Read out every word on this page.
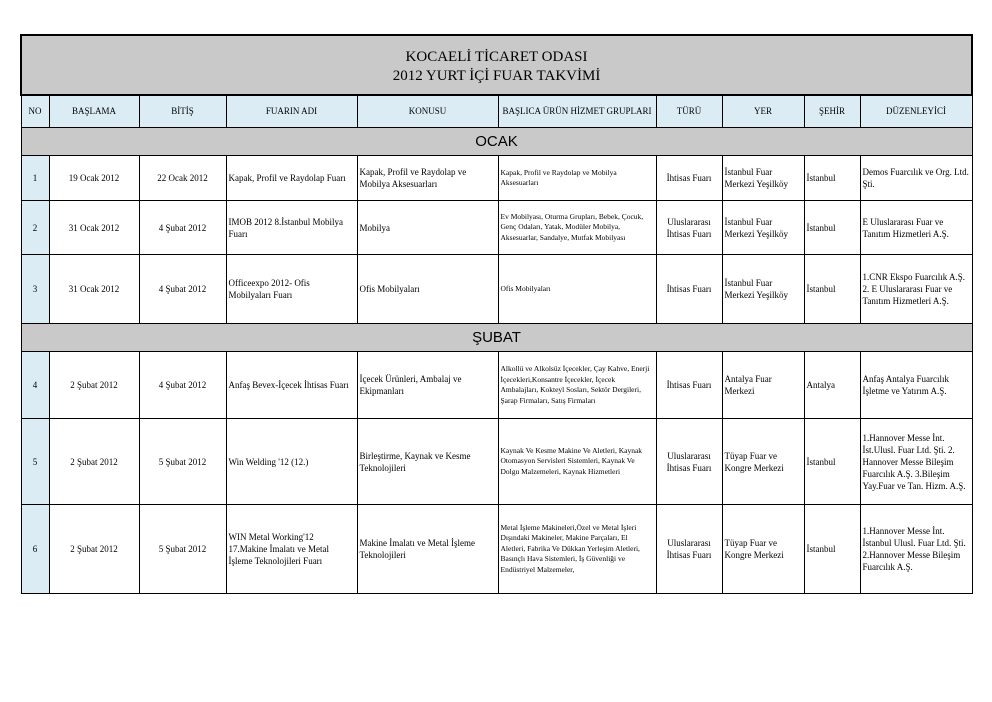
KOCAELİ TİCARET ODASI
2012 YURT İÇİ FUAR TAKVİMİ									

NO	BAŞLAMA	BİTİŞ	FUARIN ADI	KONUSU	BAŞLICA ÜRÜN HİZMET GRUPLARI	TÜRÜ	YER	ŞEHİR	DÜZENLEYİCİ
OCAK									
1	19 Ocak 2012	22 Ocak 2012	Kapak, Profil ve Raydolap Fuarı	Kapak, Profil ve Raydolap ve Mobilya Aksesuarları	Kapak, Profil ve Raydolap ve Mobilya Aksesuarları	İhtisas Fuarı	İstanbul Fuar Merkezi Yeşilköy	İstanbul	Demos Fuarcılık ve Org. Ltd. Şti.
2	31 Ocak 2012	4 Şubat 2012	IMOB 2012 8.İstanbul Mobilya Fuarı	Mobilya	Ev Mobilyası, Oturma Grupları, Bebek, Çocuk, Genç Odaları, Yatak, Modüler Mobilya, Aksesuarlar, Sandalye, Mutfak Mobilyası	Uluslararası İhtisas Fuarı	İstanbul Fuar Merkezi Yeşilköy	İstanbul	E Uluslararası Fuar ve Tanıtım Hizmetleri A.Ş.
3	31 Ocak 2012	4 Şubat 2012	Officeexpo 2012- Ofis Mobilyaları Fuarı	Ofis Mobilyaları	Ofis Mobilyaları	İhtisas Fuarı	İstanbul Fuar Merkezi Yeşilköy	İstanbul	1.CNR Ekspo Fuarcılık A.Ş. 2. E Uluslararası Fuar ve Tanıtım Hizmetleri A.Ş.
ŞUBAT									
4	2 Şubat 2012	4 Şubat 2012	Anfaş Bevex-İçecek İhtisas Fuarı	İçecek Ürünleri, Ambalaj ve Ekipmanları	Alkollü ve Alkolsüz İçecekler, Çay Kahve, Enerji İçecekleri,Konsantre İçecekler, İçecek Ambalajları, Kokteyl Sosları, Sektör Dergileri, Şarap Firmaları, Satış Firmaları	İhtisas Fuarı	Antalya Fuar Merkezi	Antalya	Anfaş Antalya Fuarcılık İşletme ve Yatırım A.Ş.
5	2 Şubat 2012	5 Şubat 2012	Win Welding '12 (12.)	Birleştirme, Kaynak ve Kesme Teknolojileri	Kaynak Ve Kesme Makine Ve Aletleri, Kaynak Otomasyon Servisleri Sistemleri, Kaynak Ve Dolgu Malzemeleri, Kaynak Hizmetleri	Uluslararası İhtisas Fuarı	Tüyap Fuar ve Kongre Merkezi	İstanbul	1.Hannover Messe İnt. İst.Ulusl. Fuar Ltd. Şti. 2. Hannover Messe Bileşim Fuarcılık A.Ş. 3.Bileşim Yay.Fuar ve Tan. Hizm. A.Ş.
6	2 Şubat 2012	5 Şubat 2012	WIN Metal Working'12 17.Makine İmalatı ve Metal İşleme Teknolojileri Fuarı	Makine İmalatı ve Metal İşleme Teknolojileri	Metal İşleme Makineleri,Özel ve Metal İşleri Dışındaki Makineler, Makine Parçaları, El Aletleri, Fabrika Ve Dükkan Yerleşim Aletleri, Basınçlı Hava Sistemleri, İş Güvenliği ve Endüstriyel Malzemeler,	Uluslararası İhtisas Fuarı	Tüyap Fuar ve Kongre Merkezi	İstanbul	1.Hannover Messe İnt. İstanbul Ulusl. Fuar Ltd. Şti. 2.Hannover Messe Bileşim Fuarcılık A.Ş.
